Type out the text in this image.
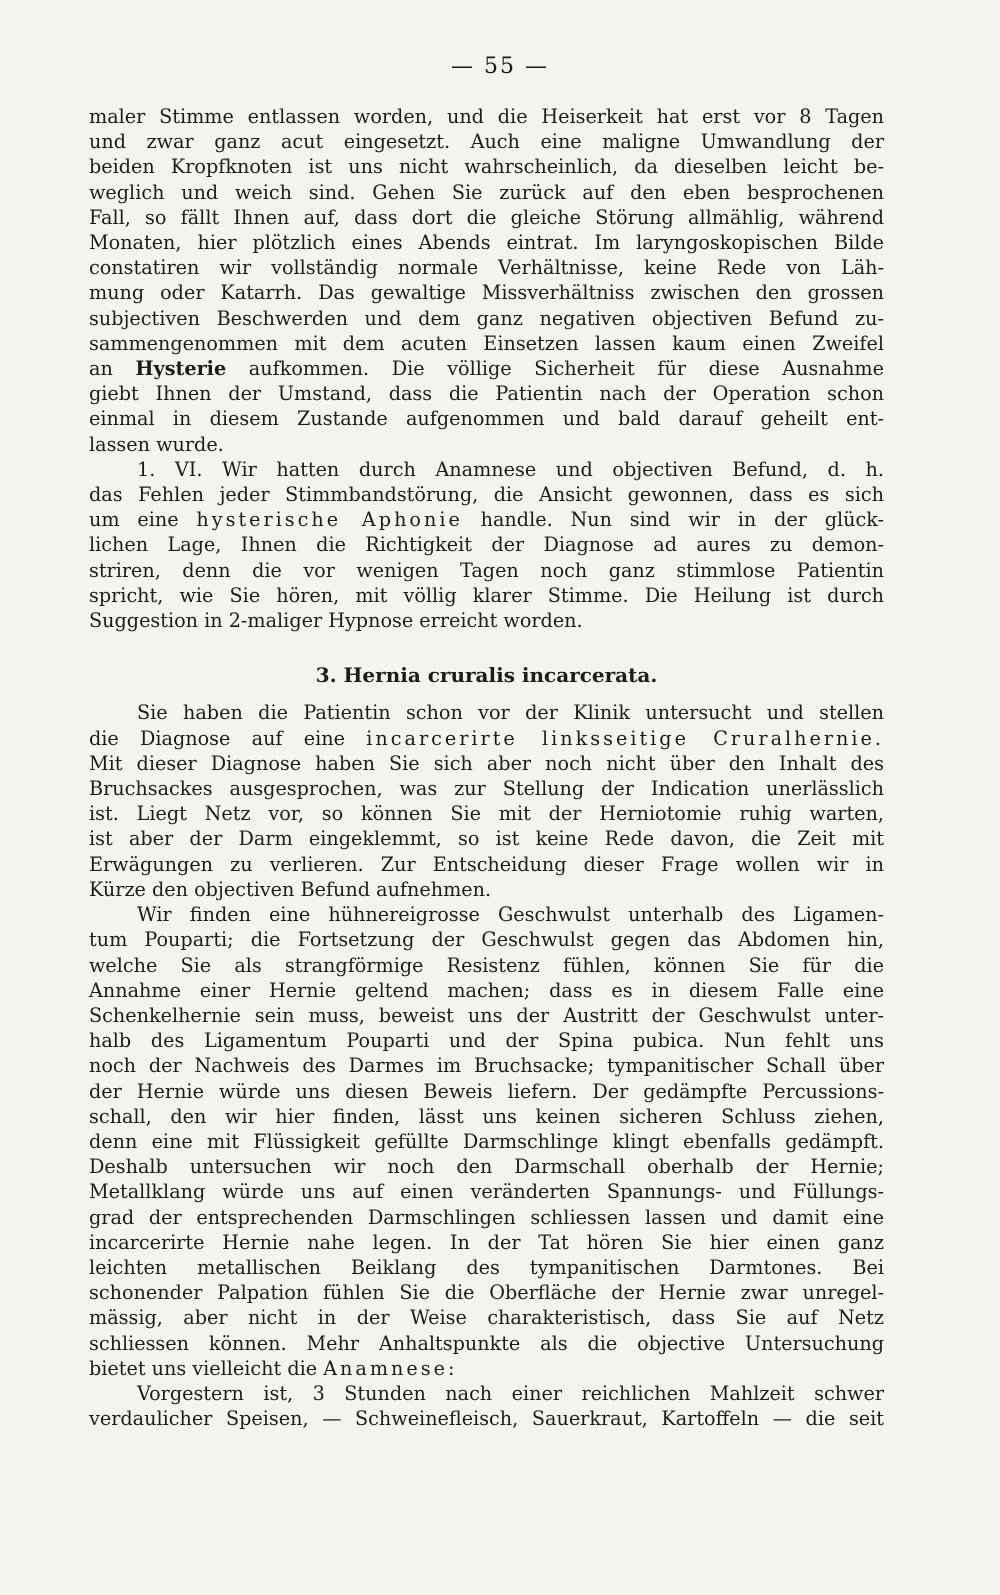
— 55 —
maler Stimme entlassen worden, und die Heiserkeit hat erst vor 8 Tagen
und zwar ganz acut eingesetzt. Auch eine maligne Umwandlung der
beiden Kropfknoten ist uns nicht wahrscheinlich, da dieselben leicht be-
weglich und weich sind. Gehen Sie zurück auf den eben besprochenen
Fall, so fällt Ihnen auf, dass dort die gleiche Störung allmählig, während
Monaten, hier plötzlich eines Abends eintrat. Im laryngoskopischen Bilde
constatiren wir vollständig normale Verhältnisse, keine Rede von Läh-
mung oder Katarrh. Das gewaltige Missverhältniss zwischen den grossen
subjectiven Beschwerden und dem ganz negativen objectiven Befund zu-
sammengenommen mit dem acuten Einsetzen lassen kaum einen Zweifel
an Hysterie aufkommen. Die völlige Sicherheit für diese Ausnahme
giebt Ihnen der Umstand, dass die Patientin nach der Operation schon
einmal in diesem Zustande aufgenommen und bald darauf geheilt ent-
lassen wurde.
1. VI. Wir hatten durch Anamnese und objectiven Befund, d. h.
das Fehlen jeder Stimmbandstörung, die Ansicht gewonnen, dass es sich
um eine hysterische Aphonie handle. Nun sind wir in der glück-
lichen Lage, Ihnen die Richtigkeit der Diagnose ad aures zu demon-
striren, denn die vor wenigen Tagen noch ganz stimmlose Patientin
spricht, wie Sie hören, mit völlig klarer Stimme. Die Heilung ist durch
Suggestion in 2-maliger Hypnose erreicht worden.
3. Hernia cruralis incarcerata.
Sie haben die Patientin schon vor der Klinik untersucht und stellen
die Diagnose auf eine incarcerirte linksseitige Cruralhernie.
Mit dieser Diagnose haben Sie sich aber noch nicht über den Inhalt des
Bruchsackes ausgesprochen, was zur Stellung der Indication unerlässlich
ist. Liegt Netz vor, so können Sie mit der Herniotomie ruhig warten,
ist aber der Darm eingeklemmt, so ist keine Rede davon, die Zeit mit
Erwägungen zu verlieren. Zur Entscheidung dieser Frage wollen wir in
Kürze den objectiven Befund aufnehmen.
Wir finden eine hühnereigrosse Geschwulst unterhalb des Ligamen-
tum Pouparti; die Fortsetzung der Geschwulst gegen das Abdomen hin,
welche Sie als strangförmige Resistenz fühlen, können Sie für die
Annahme einer Hernie geltend machen; dass es in diesem Falle eine
Schenkelhernie sein muss, beweist uns der Austritt der Geschwulst unter-
halb des Ligamentum Pouparti und der Spina pubica. Nun fehlt uns
noch der Nachweis des Darmes im Bruchsacke; tympanitischer Schall über
der Hernie würde uns diesen Beweis liefern. Der gedämpfte Percussions-
schall, den wir hier finden, lässt uns keinen sicheren Schluss ziehen,
denn eine mit Flüssigkeit gefüllte Darmschlinge klingt ebenfalls gedämpft.
Deshalb untersuchen wir noch den Darmschall oberhalb der Hernie;
Metallklang würde uns auf einen veränderten Spannungs- und Füllungs-
grad der entsprechenden Darmschlingen schliessen lassen und damit eine
incarcerirte Hernie nahe legen. In der Tat hören Sie hier einen ganz
leichten metallischen Beiklang des tympanitischen Darmtones. Bei
schonender Palpation fühlen Sie die Oberfläche der Hernie zwar unregel-
mässig, aber nicht in der Weise charakteristisch, dass Sie auf Netz
schliessen können. Mehr Anhaltspunkte als die objective Untersuchung
bietet uns vielleicht die Anamnese:
Vorgestern ist, 3 Stunden nach einer reichlichen Mahlzeit schwer
verdaulicher Speisen, — Schweinefleisch, Sauerkraut, Kartoffeln — die seit
